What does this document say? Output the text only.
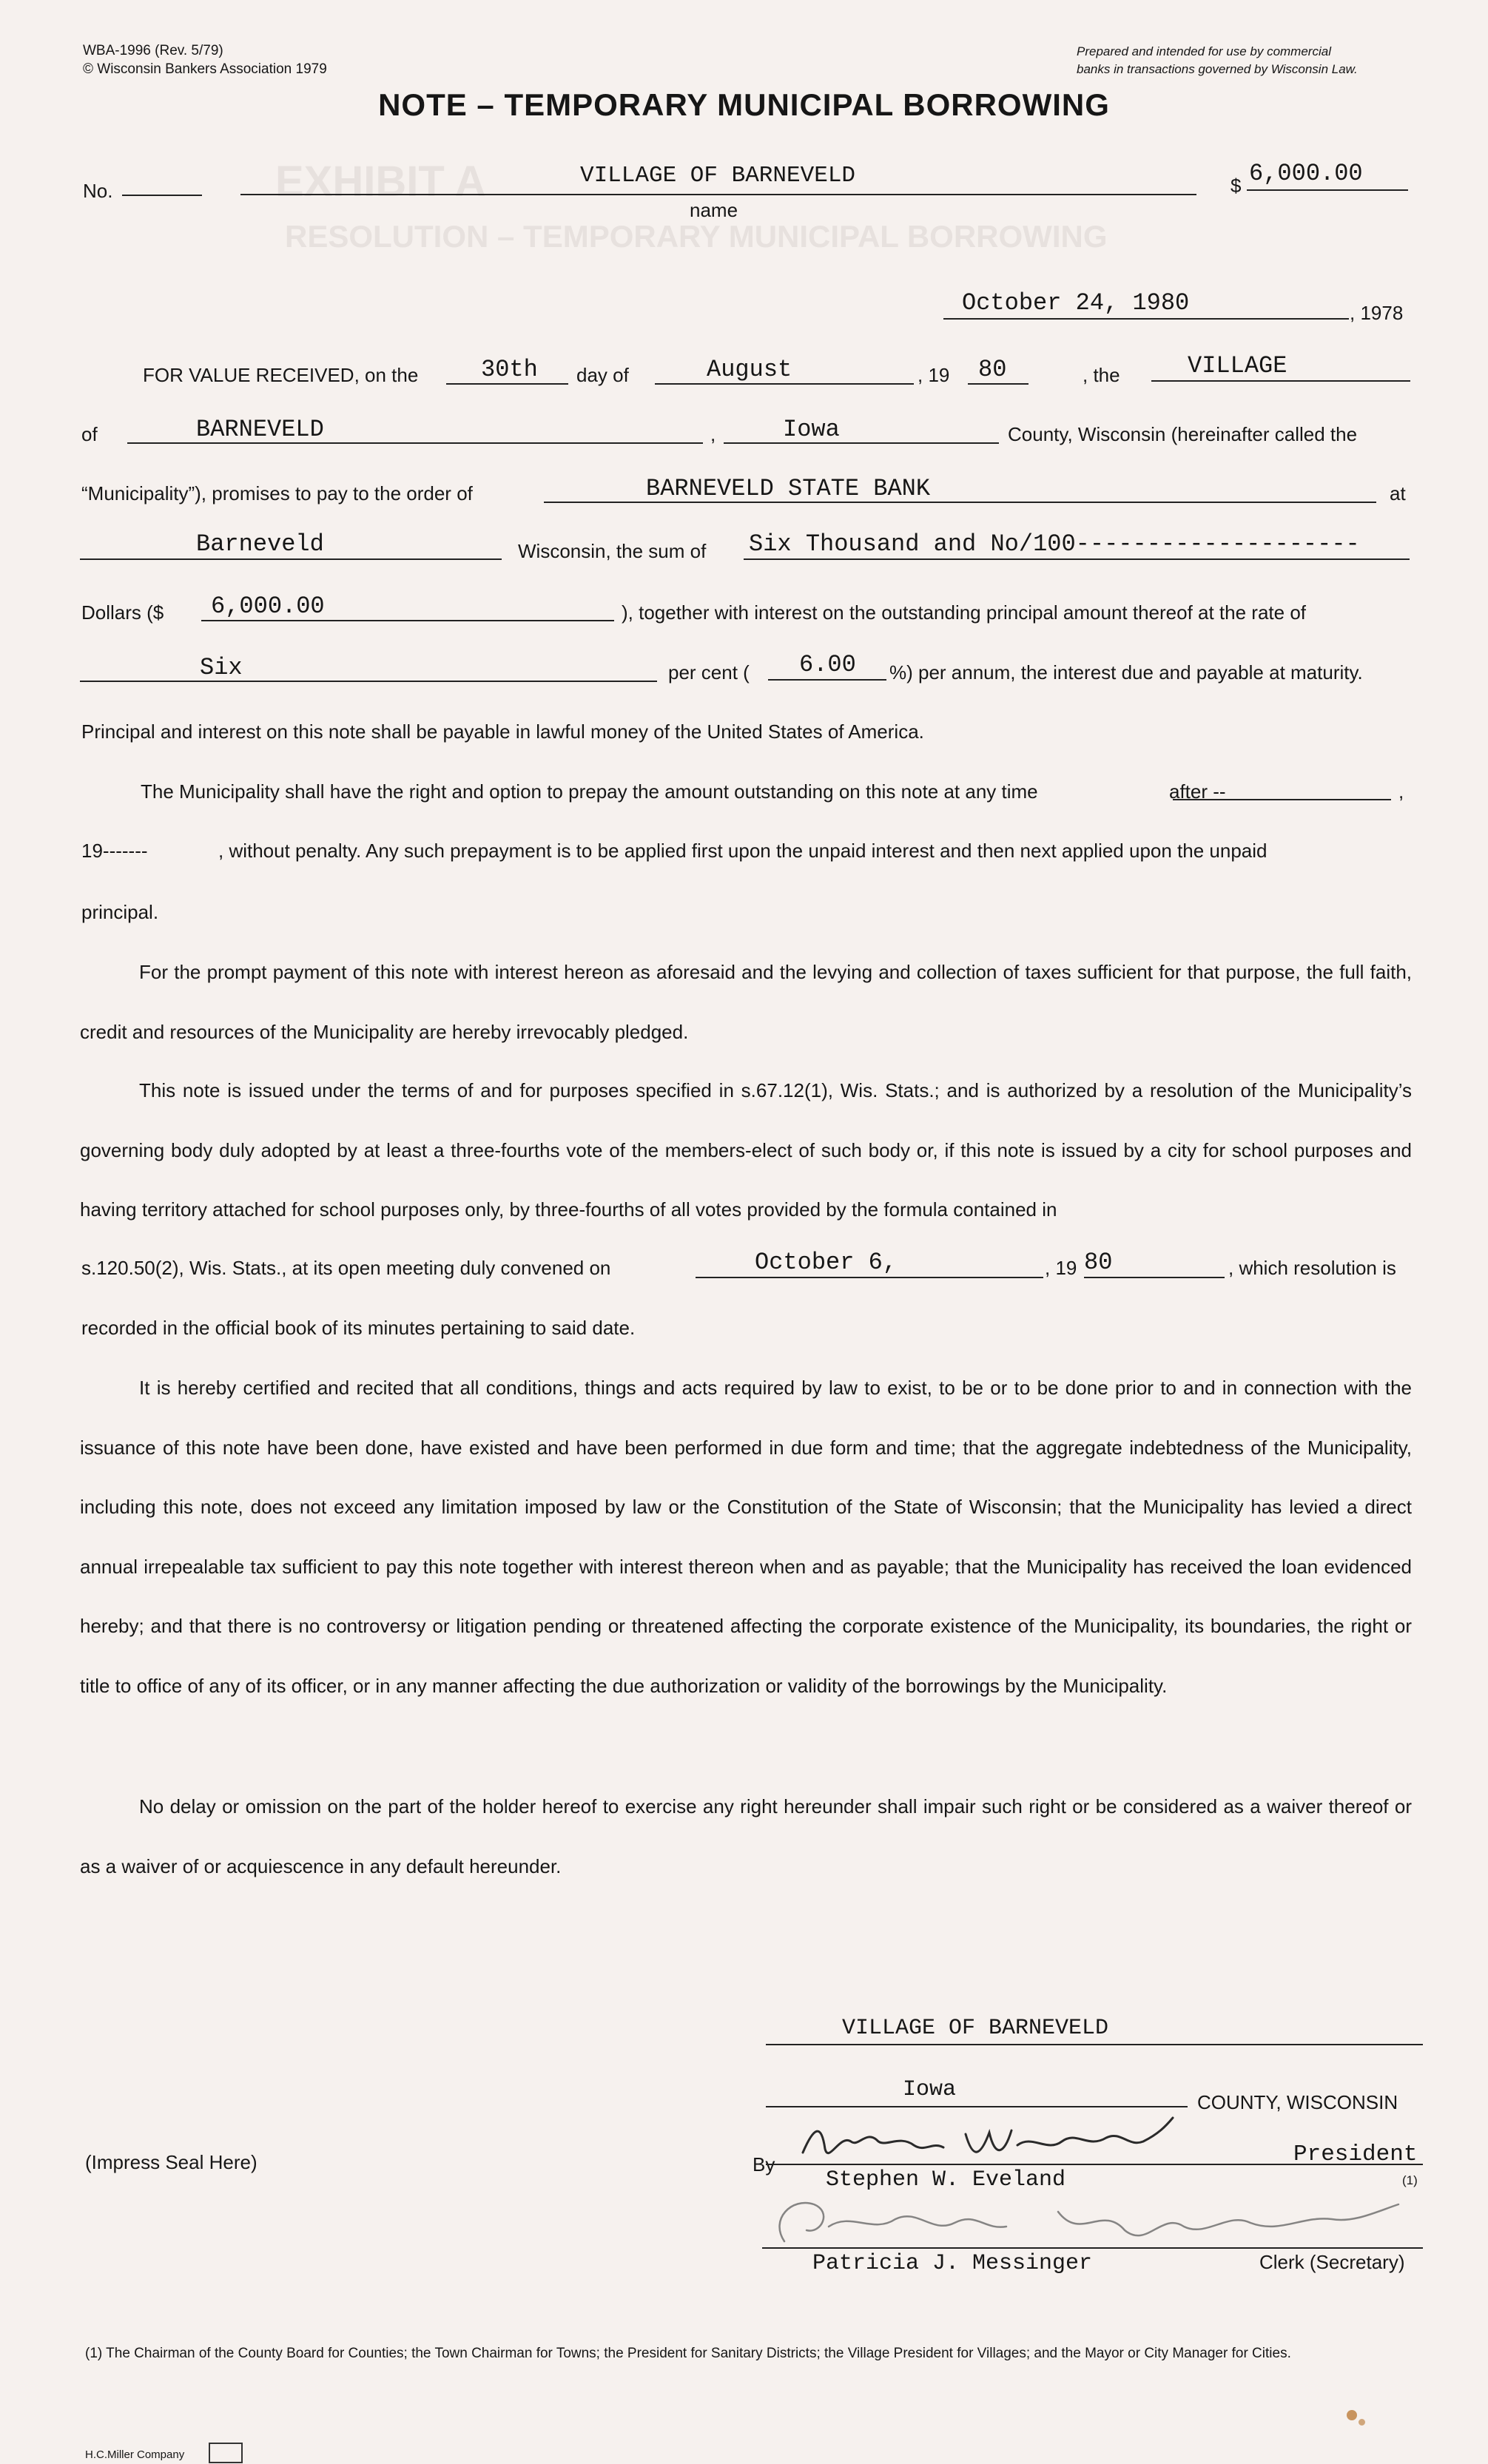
EXHIBIT A
RESOLUTION – TEMPORARY MUNICIPAL BORROWING
WBA-1996 (Rev. 5/79)
© Wisconsin Bankers Association 1979
Prepared and intended for use by commercial
banks in transactions governed by Wisconsin Law.
NOTE – TEMPORARY MUNICIPAL BORROWING
No.
VILLAGE OF BARNEVELD
name
$ 6,000.00
October 24, 1980	, 1978
FOR VALUE RECEIVED, on the	30th day of	August	, 19 80	, the	VILLAGE
of	BARNEVELD	,	Iowa	County, Wisconsin (hereinafter called the
“Municipality”), promises to pay to the order of	BARNEVELD STATE BANK	at
Barneveld	Wisconsin, the sum of Six Thousand and No/100--------------------
Dollars ($ 6,000.00	), together with interest on the outstanding principal amount thereof at the rate of
Six	per cent ( 6.00 %) per annum, the interest due and payable at maturity.
Principal and interest on this note shall be payable in lawful money of the United States of America.
The Municipality shall have the right and option to prepay the amount outstanding on this note at any time	after --	,
19-------	, without penalty. Any such prepayment is to be applied first upon the unpaid interest and then next applied upon the unpaid
principal.
For the prompt payment of this note with interest hereon as aforesaid and the levying and collection of taxes sufficient for that purpose, the full faith, credit and resources of the Municipality are hereby irrevocably pledged.
This note is issued under the terms of and for purposes specified in s.67.12(1), Wis. Stats.; and is authorized by a resolution of the Municipality’s governing body duly adopted by at least a three-fourths vote of the members-elect of such body or, if this note is issued by a city for school purposes and having territory attached for school purposes only, by three-fourths of all votes provided by the formula contained in
s.120.50(2), Wis. Stats., at its open meeting duly convened on	October 6,	, 19 80	, which resolution is
recorded in the official book of its minutes pertaining to said date.
It is hereby certified and recited that all conditions, things and acts required by law to exist, to be or to be done prior to and in connection with the issuance of this note have been done, have existed and have been performed in due form and time; that the aggregate indebtedness of the Municipality, including this note, does not exceed any limitation imposed by law or the Constitution of the State of Wisconsin; that the Municipality has levied a direct annual irrepealable tax sufficient to pay this note together with interest thereon when and as payable; that the Municipality has received the loan evidenced hereby; and that there is no controversy or litigation pending or threatened affecting the corporate existence of the Municipality, its boundaries, the right or title to office of any of its officer, or in any manner affecting the due authorization or validity of the borrowings by the Municipality.
No delay or omission on the part of the holder hereof to exercise any right hereunder shall impair such right or be considered as a waiver thereof or as a waiver of or acquiescence in any default hereunder.
VILLAGE OF BARNEVELD
Iowa	COUNTY, WISCONSIN
(Impress Seal Here)	By
Stephen W. Eveland
President
(1)
Patricia J. Messinger	Clerk (Secretary)
(1) The Chairman of the County Board for Counties; the Town Chairman for Towns; the President for Sanitary Districts; the Village President for Villages; and the Mayor or City Manager for Cities.
H.C.Miller Company
